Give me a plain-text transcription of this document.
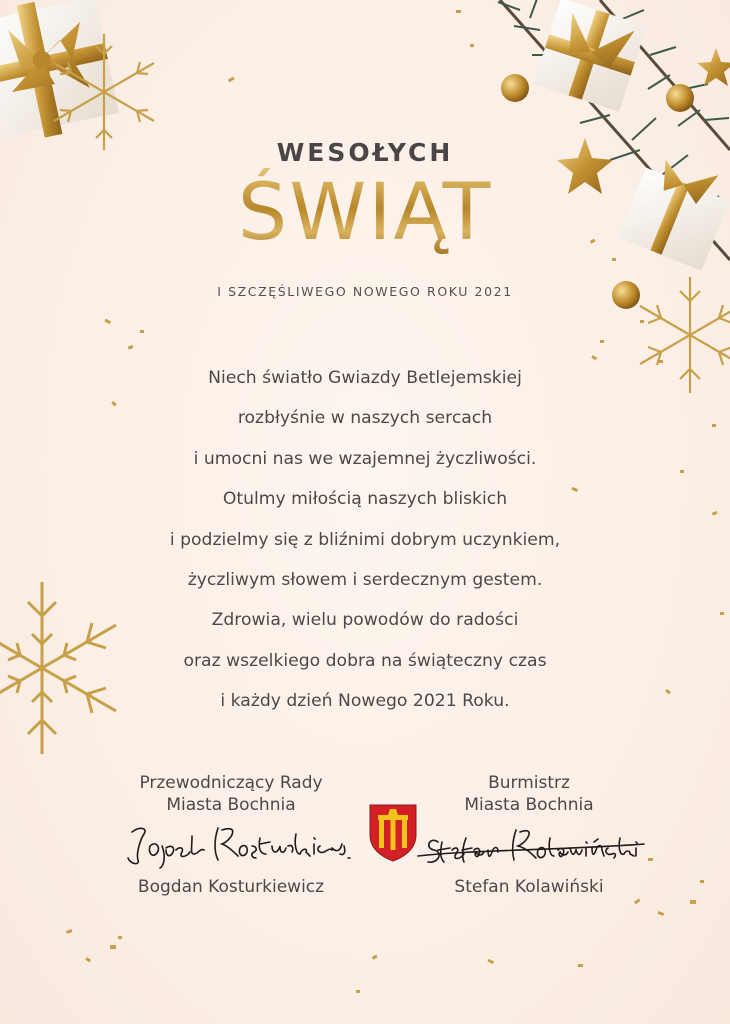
WESOŁYCH
ŚWIĄT
I SZCZĘŚLIWEGO NOWEGO ROKU 2021
Niech światło Gwiazdy Betlejemskiej
rozbłyśnie w naszych sercach
i umocni nas we wzajemnej życzliwości.
Otulmy miłością naszych bliskich
i podzielmy się z bliźnimi dobrym uczynkiem,
życzliwym słowem i serdecznym gestem.
Zdrowia, wielu powodów do radości
oraz wszelkiego dobra na świąteczny czas
i każdy dzień Nowego 2021 Roku.
Przewodniczący Rady
Miasta Bochnia
Bogdan Kosturkiewicz
Burmistrz
Miasta Bochnia
Stefan Kolawiński
